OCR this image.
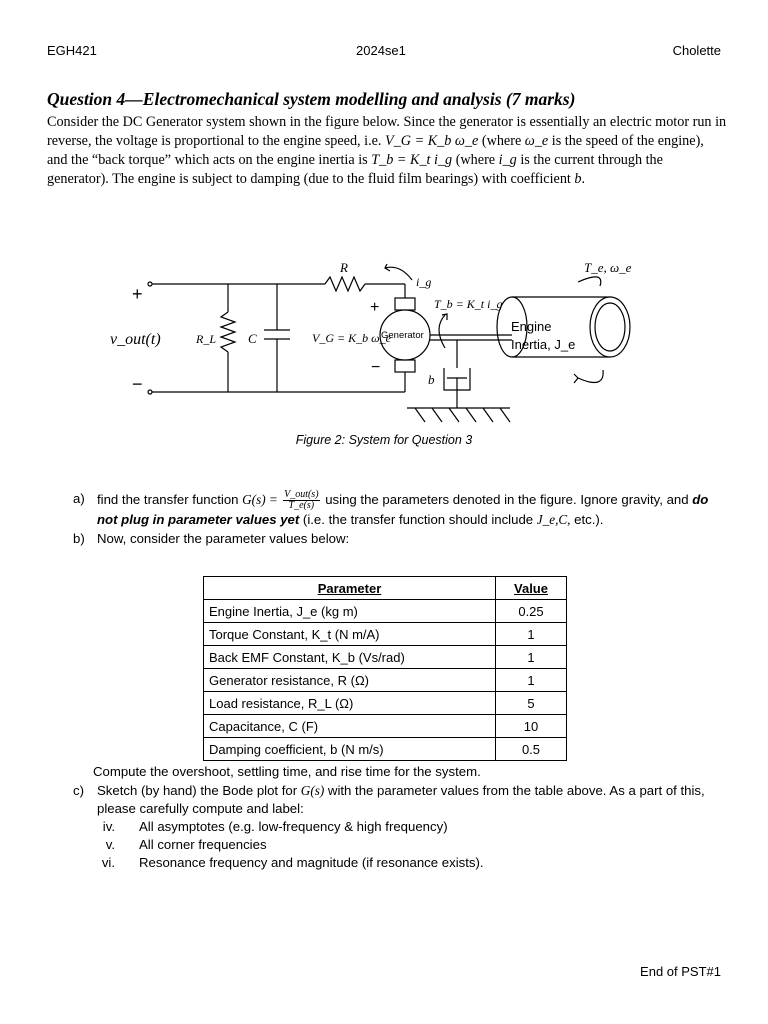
EGH421	2024se1	Cholette
Question 4—Electromechanical system modelling and analysis (7 marks)
Consider the DC Generator system shown in the figure below. Since the generator is essentially an electric motor run in reverse, the voltage is proportional to the engine speed, i.e. V_G = K_b ω_e (where ω_e is the speed of the engine), and the “back torque” which acts on the engine inertia is T_b = K_t i_g (where i_g is the current through the generator). The engine is subject to damping (due to the fluid film bearings) with coefficient b.
+
−
v_out(t)	R_L C
R
i_g
V_G = K_b ω_e
T_b = K_t i_g
b
T_e, ω_e
+
−
Generator
Engine
Inertia, J_e
Figure 2: System for Question 3
a) find the transfer function $G(s) = \frac{\text{V\_out(s)}}{T\_e(s)}$ using the parameters denoted in the figure. Ignore gravity, and do not plug in parameter values yet (i.e. the transfer function should include J_e,C, etc.).
b) Now, consider the parameter values below:
Parameter	Value
Engine Inertia, J_e (kg m)	0.25
Torque Constant, K_t (N m/A)	1
Back EMF Constant, K_b (Vs/rad)	1
Generator resistance, R (Ω)	1
Load resistance, R_L (Ω)	5
Capacitance, C (F)	10
Damping coefficient, b (N m/s)	0.5
Compute the overshoot, settling time, and rise time for the system.
c) Sketch (by hand) the Bode plot for G(s) with the parameter values from the table above. As a part of this, please carefully compute and label:
iv.	All asymptotes (e.g. low-frequency & high frequency)
v.	All corner frequencies
vi.	Resonance frequency and magnitude (if resonance exists).
End of PST#1
